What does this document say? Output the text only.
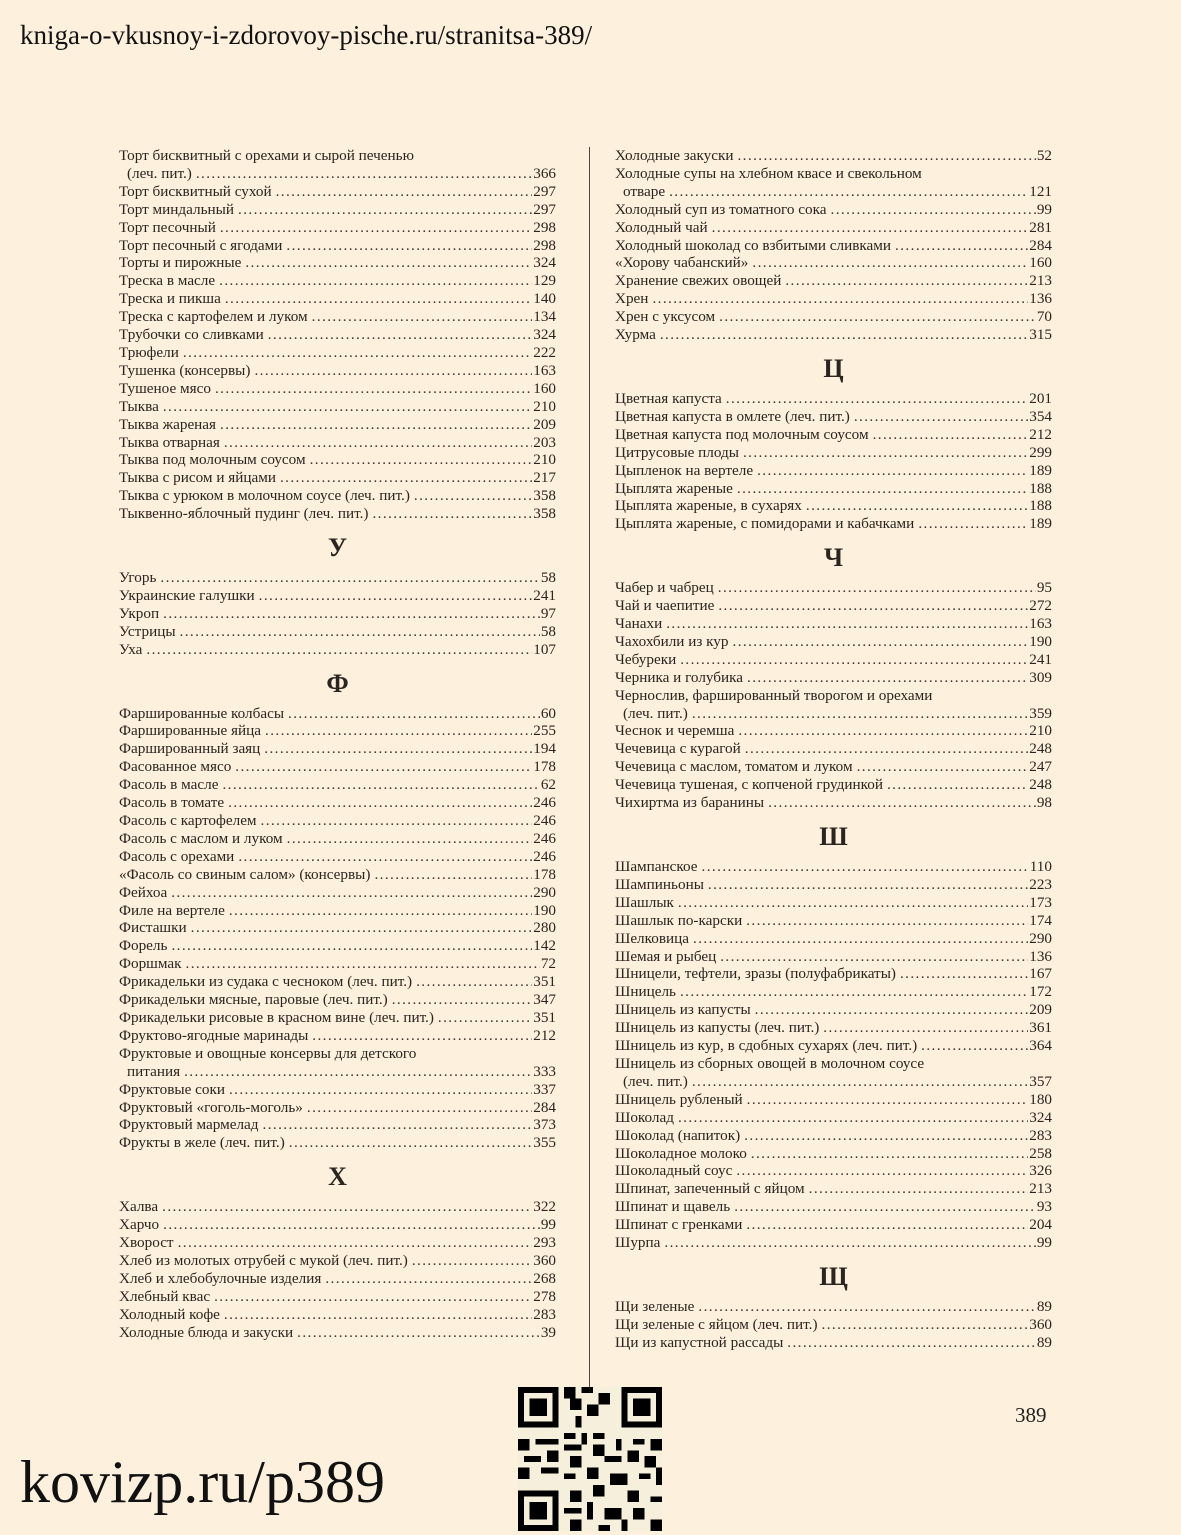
kniga-o-vkusnoy-i-zdorovoy-pische.ru/stranitsa-389/
Торт бисквитный с орехами и сырой печенью
(леч. пит.) . . .	366
Торт бисквитный сухой . . .	297
Торт миндальный . . .	297
Торт песочный . . .	298
Торт песочный с ягодами . . .	298
Торты и пирожные . . .	324
Треска в масле . . .	129
Треска и пикша . . .	140
Треска с картофелем и луком . . .	134
Трубочки со сливками . . .	324
Трюфели . . .	222
Тушенка (консервы) . . .	163
Тушеное мясо . . .	160
Тыква . . .	210
Тыква жареная . . .	209
Тыква отварная . . .	203
Тыква под молочным соусом . . .	210
Тыква с рисом и яйцами . . .	217
Тыква с урюком в молочном соусе (леч. пит.) . . .	358
Тыквенно-яблочный пудинг (леч. пит.) . . .	358
У
Угорь . . .	58
Украинские галушки . . .	241
Укроп . . .	97
Устрицы . . .	58
Уха . . .	107
Ф
Фаршированные колбасы . . .	60
Фаршированные яйца . . .	255
Фаршированный заяц . . .	194
Фасованное мясо . . .	178
Фасоль в масле . . .	62
Фасоль в томате . . .	246
Фасоль с картофелем . . .	246
Фасоль с маслом и луком . . .	246
Фасоль с орехами . . .	246
«Фасоль со свиным салом» (консервы) . . .	178
Фейхоа . . .	290
Филе на вертеле . . .	190
Фисташки . . .	280
Форель . . .	142
Форшмак . . .	72
Фрикадельки из судака с чесноком (леч. пит.) . . .	351
Фрикадельки мясные, паровые (леч. пит.) . . .	347
Фрикадельки рисовые в красном вине (леч. пит.) . . .	351
Фруктово-ягодные маринады . . .	212
Фруктовые и овощные консервы для детского
питания . . .	333
Фруктовые соки . . .	337
Фруктовый «гоголь-моголь» . . .	284
Фруктовый мармелад . . .	373
Фрукты в желе (леч. пит.) . . .	355
Х
Халва . . .	322
Харчо . . .	99
Хворост . . .	293
Хлеб из молотых отрубей с мукой (леч. пит.) . . .	360
Хлеб и хлебобулочные изделия . . .	268
Хлебный квас . . .	278
Холодный кофе . . .	283
Холодные блюда и закуски . . .	39
Холодные закуски . . .	52
Холодные супы на хлебном квасе и свекольном
отваре . . .	121
Холодный суп из томатного сока . . .	99
Холодный чай . . .	281
Холодный шоколад со взбитыми сливками . . .	284
«Хорову чабанский» . . .	160
Хранение свежих овощей . . .	213
Хрен . . .	136
Хрен с уксусом . . .	70
Хурма . . .	315
Ц
Цветная капуста . . .	201
Цветная капуста в омлете (леч. пит.) . . .	354
Цветная капуста под молочным соусом . . .	212
Цитрусовые плоды . . .	299
Цыпленок на вертеле . . .	189
Цыплята жареные . . .	188
Цыплята жареные, в сухарях . . .	188
Цыплята жареные, с помидорами и кабачками . . .	189
Ч
Чабер и чабрец . . .	95
Чай и чаепитие . . .	272
Чанахи . . .	163
Чахохбили из кур . . .	190
Чебуреки . . .	241
Черника и голубика . . .	309
Чернослив, фаршированный творогом и орехами
(леч. пит.) . . .	359
Чеснок и черемша . . .	210
Чечевица с курагой . . .	248
Чечевица с маслом, томатом и луком . . .	247
Чечевица тушеная, с копченой грудинкой . . .	248
Чихиртма из баранины . . .	98
Ш
Шампанское . . .	110
Шампиньоны . . .	223
Шашлык . . .	173
Шашлык по-карски . . .	174
Шелковица . . .	290
Шемая и рыбец . . .	136
Шницели, тефтели, зразы (полуфабрикаты) . . .	167
Шницель . . .	172
Шницель из капусты . . .	209
Шницель из капусты (леч. пит.) . . .	361
Шницель из кур, в сдобных сухарях (леч. пит.) . . .	364
Шницель из сборных овощей в молочном соусе
(леч. пит.) . . .	357
Шницель рубленый . . .	180
Шоколад . . .	324
Шоколад (напиток) . . .	283
Шоколадное молоко . . .	258
Шоколадный соус . . .	326
Шпинат, запеченный с яйцом . . .	213
Шпинат и щавель . . .	93
Шпинат с гренками . . .	204
Шурпа . . .	99
Щ
Щи зеленые . . .	89
Щи зеленые с яйцом (леч. пит.) . . .	360
Щи из капустной рассады . . .	89
389
kovizp.ru/p389
